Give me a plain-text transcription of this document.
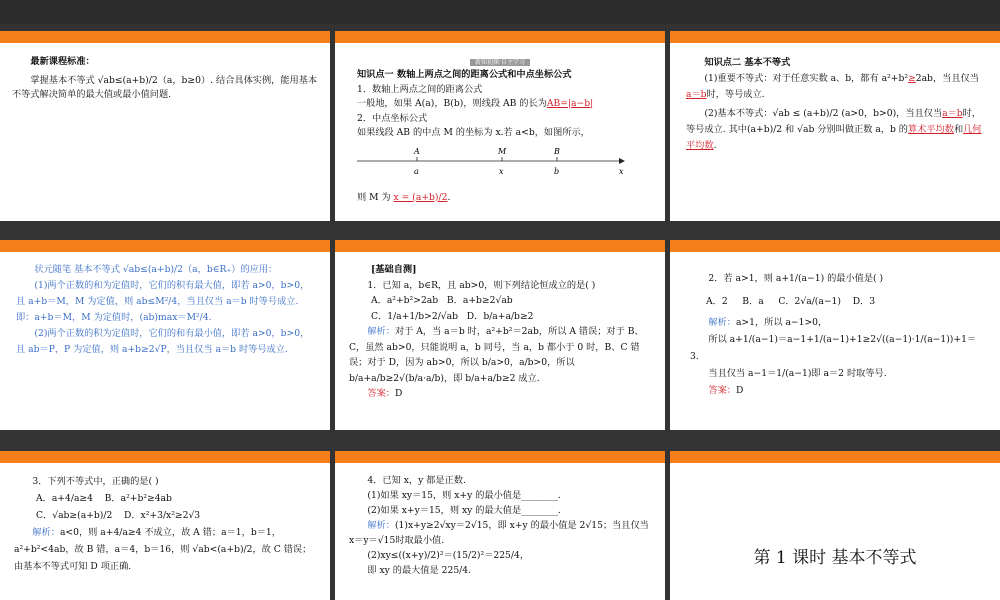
最新课程标准：

掌握基本不等式 √ab≤(a+b)/2（a，b≥0）. 结合具体实例，能用基本不等式解决简单的最大值或最小值问题.

新知初探·自主学习

知识点一 数轴上两点之间的距离公式和中点坐标公式

1．数轴上两点之间的距离公式

一般地，如果 A(a)，B(b)，则线段 AB 的长为AB=|a−b|

2．中点坐标公式

如果线段 AB 的中点 M 的坐标为 x.若 a<b，如图所示，

A	M	B
a	x	b	x

则 M 为 x = (a+b)/2.

知识点二 基本不等式

(1)重要不等式：对于任意实数 a、b，都有 a²+b²≥2ab，当且仅当a＝b时，等号成立.

(2)基本不等式：√ab ≤ (a+b)/2 (a>0，b>0)，当且仅当a＝b时，等号成立. 其中(a+b)/2 和 √ab 分别叫做正数 a，b 的算术平均数和几何平均数.

状元随笔 基本不等式 √ab≤(a+b)/2（a，b∈R₊）的应用：

(1)两个正数的和为定值时，它们的积有最大值，即若 a>0，b>0，且 a+b＝M，M 为定值，则 ab≤M²/4，当且仅当 a＝b 时等号成立. 即：a+b＝M，M 为定值时，(ab)max＝M²/4.

(2)两个正数的积为定值时，它们的和有最小值，即若 a>0，b>0，且 ab＝P，P 为定值，则 a+b≥2√P，当且仅当 a＝b 时等号成立.

[基础自测]

1．已知 a，b∈R，且 ab>0，则下列结论恒成立的是( )

A．a²+b²>2ab B．a+b≥2√ab

C．1/a+1/b>2/√ab D．b/a+a/b≥2

解析：对于 A，当 a＝b 时，a²+b²＝2ab，所以 A 错误；对于 B、C，虽然 ab>0，只能说明 a，b 同号，当 a，b 都小于 0 时，B、C 错误；对于 D，因为 ab>0，所以 b/a>0，a/b>0，所以 b/a+a/b≥2√(b/a·a/b)，即 b/a+a/b≥2 成立.

答案：D

2．若 a>1，则 a+1/(a−1) 的最小值是( )

A．2 B．a C．2√a/(a−1) D．3

解析：a>1，所以 a−1>0，

所以 a+1/(a−1)＝a−1+1/(a−1)+1≥2√((a−1)·1/(a−1))+1＝3.

当且仅当 a−1＝1/(a−1)即 a＝2 时取等号.

答案：D

3．下列不等式中，正确的是( )

A．a+4/a≥4 B．a²+b²≥4ab

C．√ab≥(a+b)/2 D．x²+3/x²≥2√3

解析：a<0，则 a+4/a≥4 不成立，故 A 错；a＝1，b＝1，a²+b²<4ab，故 B 错，a＝4，b＝16，则 √ab<(a+b)/2，故 C 错误；由基本不等式可知 D 项正确.

4．已知 x，y 都是正数.

(1)如果 xy＝15，则 x+y 的最小值是________.

(2)如果 x+y＝15，则 xy 的最大值是________.

解析：(1)x+y≥2√xy＝2√15，即 x+y 的最小值是 2√15；当且仅当 x＝y＝√15时取最小值.

(2)xy≤((x+y)/2)²＝(15/2)²＝225/4，

即 xy 的最大值是 225/4.

第 1 课时 基本不等式
